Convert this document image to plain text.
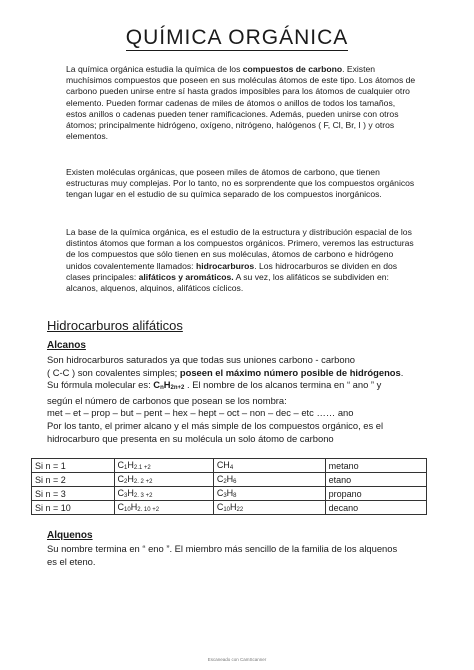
QUÍMICA ORGÁNICA

La química orgánica estudia la química de los compuestos de carbono. Existen muchísimos compuestos que poseen en sus moléculas átomos de este tipo. Los átomos de carbono pueden unirse entre sí hasta grados imposibles para los átomos de cualquier otro elemento. Pueden formar cadenas de miles de átomos o anillos de todos los tamaños, estos anillos o cadenas pueden tener ramificaciones. Además, pueden unirse con otros átomos; principalmente hidrógeno, oxígeno, nitrógeno, halógenos ( F, Cl, Br, I ) y otros elementos.

Existen moléculas orgánicas, que poseen miles de átomos de carbono, que tienen estructuras muy complejas. Por lo tanto, no es sorprendente que los compuestos orgánicos tengan lugar en el estudio de su química separado de los compuestos inorgánicos.

La base de la química orgánica, es el estudio de la estructura y distribución espacial de los distintos átomos que forman a los compuestos orgánicos. Primero, veremos las estructuras de los compuestos que sólo tienen en sus moléculas, átomos de carbono e hidrógeno unidos covalentemente llamados: hidrocarburos. Los hidrocarburos se dividen en dos clases principales: alifáticos y aromáticos. A su vez, los alifáticos se subdividen en: alcanos, alquenos, alquinos, alifáticos cíclicos.

Hidrocarburos alifáticos
Alcanos
Son hidrocarburos saturados ya que todas sus uniones carbono - carbono
( C-C ) son covalentes simples; poseen el máximo número posible de hidrógenos.
Su fórmula molecular es: $C_nH_{2n+2}$ . El nombre de los alcanos termina en “ ano ” y
según el número de carbonos que posean se los nombra:
met – et – prop – but – pent – hex – hept – oct – non – dec – etc …… ano
Por los tanto, el primer alcano y el más simple de los compuestos orgánico, es el
hidrocarburo que presenta en su molécula un solo átomo de carbono
Si n = 1	$C_1H_{2.1 +2}$	$CH_4$	metano
Si n = 2	$C_2H_{2. 2 +2}$	$C_2H_6$	etano
Si n = 3	$C_3H_{2. 3 +2}$	$C_3H_8$	propano
Si n = 10	$C_{10}H_{2. 10 +2}$	$C_{10}H_{22}$	decano
Alquenos
Su nombre termina en “ eno ”. El miembro más sencillo de la familia de los alquenos
es el eteno.
Escaneado con CamScanner
